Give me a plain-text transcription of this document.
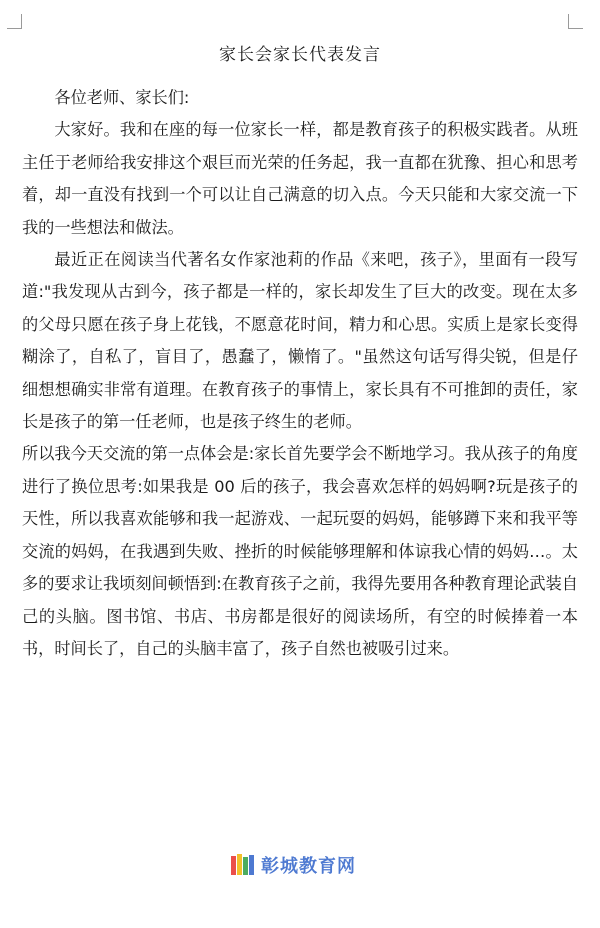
家长会家长代表发言

各位老师、家长们:

大家好。我和在座的每一位家长一样，都是教育孩子的积极实践者。从班主任于老师给我安排这个艰巨而光荣的任务起，我一直都在犹豫、担心和思考着，却一直没有找到一个可以让自己满意的切入点。今天只能和大家交流一下我的一些想法和做法。

最近正在阅读当代著名女作家池莉的作品《来吧，孩子》，里面有一段写道:"我发现从古到今，孩子都是一样的，家长却发生了巨大的改变。现在太多的父母只愿在孩子身上花钱，不愿意花时间，精力和心思。实质上是家长变得糊涂了，自私了，盲目了，愚蠢了，懒惰了。"虽然这句话写得尖锐，但是仔细想想确实非常有道理。在教育孩子的事情上，家长具有不可推卸的责任，家长是孩子的第一任老师，也是孩子终生的老师。

所以我今天交流的第一点体会是:家长首先要学会不断地学习。我从孩子的角度进行了换位思考:如果我是 00 后的孩子，我会喜欢怎样的妈妈啊?玩是孩子的天性，所以我喜欢能够和我一起游戏、一起玩耍的妈妈，能够蹲下来和我平等交流的妈妈，在我遇到失败、挫折的时候能够理解和体谅我心情的妈妈…。太多的要求让我顷刻间顿悟到:在教育孩子之前，我得先要用各种教育理论武装自己的头脑。图书馆、书店、书房都是很好的阅读场所，有空的时候捧着一本书，时间长了，自己的头脑丰富了，孩子自然也被吸引过来。

彰城教育网
